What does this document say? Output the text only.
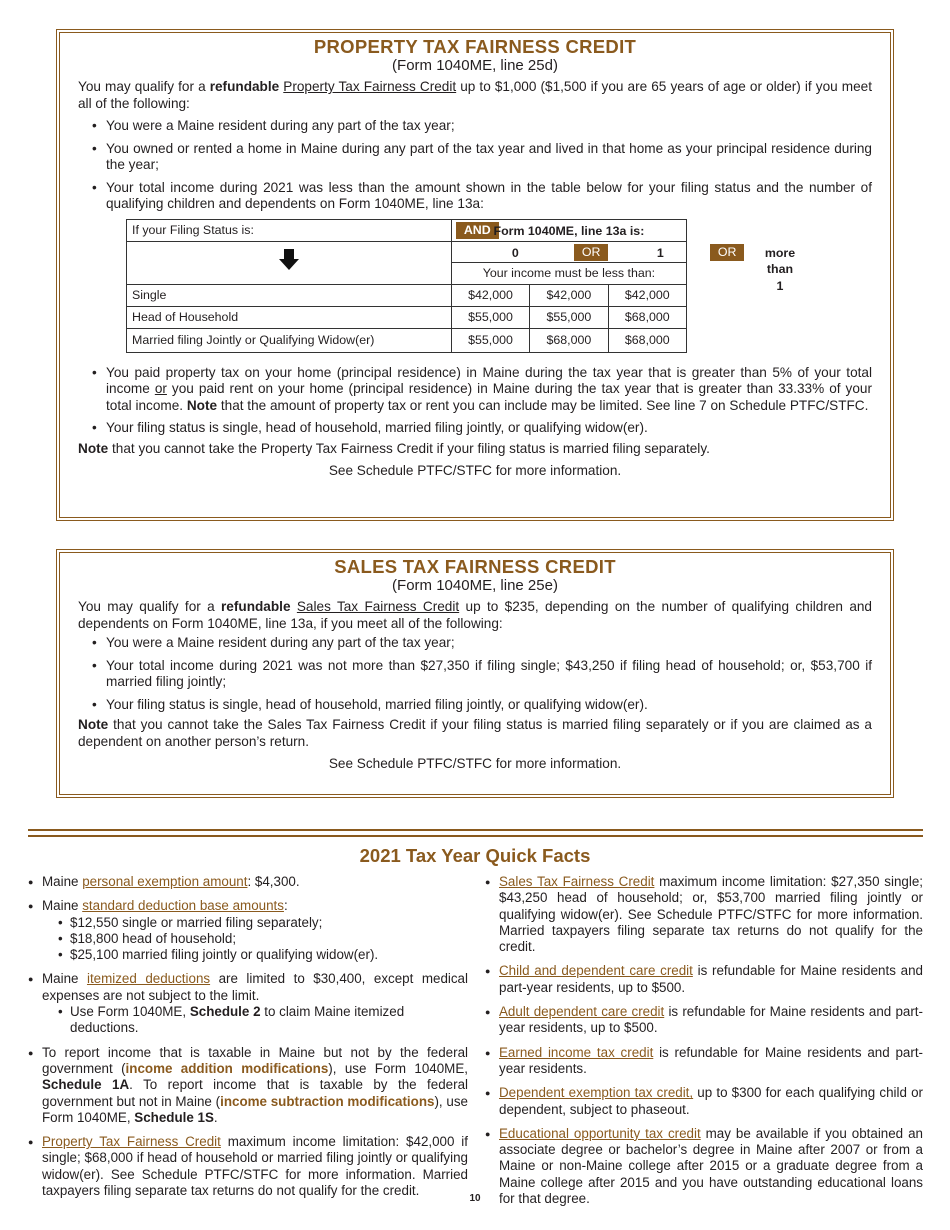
PROPERTY TAX FAIRNESS CREDIT
(Form 1040ME, line 25d)

You may qualify for a refundable Property Tax Fairness Credit up to $1,000 ($1,500 if you are 65 years of age or older) if you meet all of the following:

• You were a Maine resident during any part of the tax year;
• You owned or rented a home in Maine during any part of the tax year and lived in that home as your principal residence during the year;
• Your total income during 2021 was less than the amount shown in the table below for your filing status and the number of qualifying children and dependents on Form 1040ME, line 13a:
If your Filing Status is:	AND Form 1040ME, line 13a is:		

	0 OR 1 OR more than 1		

	Your income must be less than:		
Single	$42,000	$42,000	$42,000
Head of Household	$55,000	$55,000	$68,000
Married filing Jointly or Qualifying Widow(er)	$55,000	$68,000	$68,000
• You paid property tax on your home (principal residence) in Maine during the tax year that is greater than 5% of your total income or you paid rent on your home (principal residence) in Maine during the tax year that is greater than 33.33% of your total income. Note that the amount of property tax or rent you can include may be limited. See line 7 on Schedule PTFC/STFC.
• Your filing status is single, head of household, married filing jointly, or qualifying widow(er).

Note that you cannot take the Property Tax Fairness Credit if your filing status is married filing separately.

See Schedule PTFC/STFC for more information.
SALES TAX FAIRNESS CREDIT
(Form 1040ME, line 25e)

You may qualify for a refundable Sales Tax Fairness Credit up to $235, depending on the number of qualifying children and dependents on Form 1040ME, line 13a, if you meet all of the following:

• You were a Maine resident during any part of the tax year;
• Your total income during 2021 was not more than $27,350 if filing single; $43,250 if filing head of household; or, $53,700 if married filing jointly;
• Your filing status is single, head of household, married filing jointly, or qualifying widow(er).

Note that you cannot take the Sales Tax Fairness Credit if your filing status is married filing separately or if you are claimed as a dependent on another person’s return.

See Schedule PTFC/STFC for more information.
2021 Tax Year Quick Facts
● Maine personal exemption amount: $4,300.
● Maine standard deduction base amounts:
• $12,550 single or married filing separately;
• $18,800 head of household;
• $25,100 married filing jointly or qualifying widow(er).
● Maine itemized deductions are limited to $30,400, except medical expenses are not subject to the limit.
• Use Form 1040ME, Schedule 2 to claim Maine itemized deductions.
● To report income that is taxable in Maine but not by the federal government (income addition modifications), use Form 1040ME, Schedule 1A. To report income that is taxable by the federal government but not in Maine (income subtraction modifications), use Form 1040ME, Schedule 1S.
● Property Tax Fairness Credit maximum income limitation: $42,000 if single; $68,000 if head of household or married filing jointly or qualifying widow(er). See Schedule PTFC/STFC for more information. Married taxpayers filing separate tax returns do not qualify for the credit.
● Sales Tax Fairness Credit maximum income limitation: $27,350 single; $43,250 head of household; or, $53,700 married filing jointly or qualifying widow(er). See Schedule PTFC/STFC for more information. Married taxpayers filing separate tax returns do not qualify for the credit.
● Child and dependent care credit is refundable for Maine residents and part-year residents, up to $500.
● Adult dependent care credit is refundable for Maine residents and part-year residents, up to $500.
● Earned income tax credit is refundable for Maine residents and part-year residents.
● Dependent exemption tax credit, up to $300 for each qualifying child or dependent, subject to phaseout.
● Educational opportunity tax credit may be available if you obtained an associate degree or bachelor’s degree in Maine after 2007 or from a Maine or non-Maine college after 2015 or a graduate degree from a Maine college after 2015 and you have outstanding educational loans for that degree.
10
